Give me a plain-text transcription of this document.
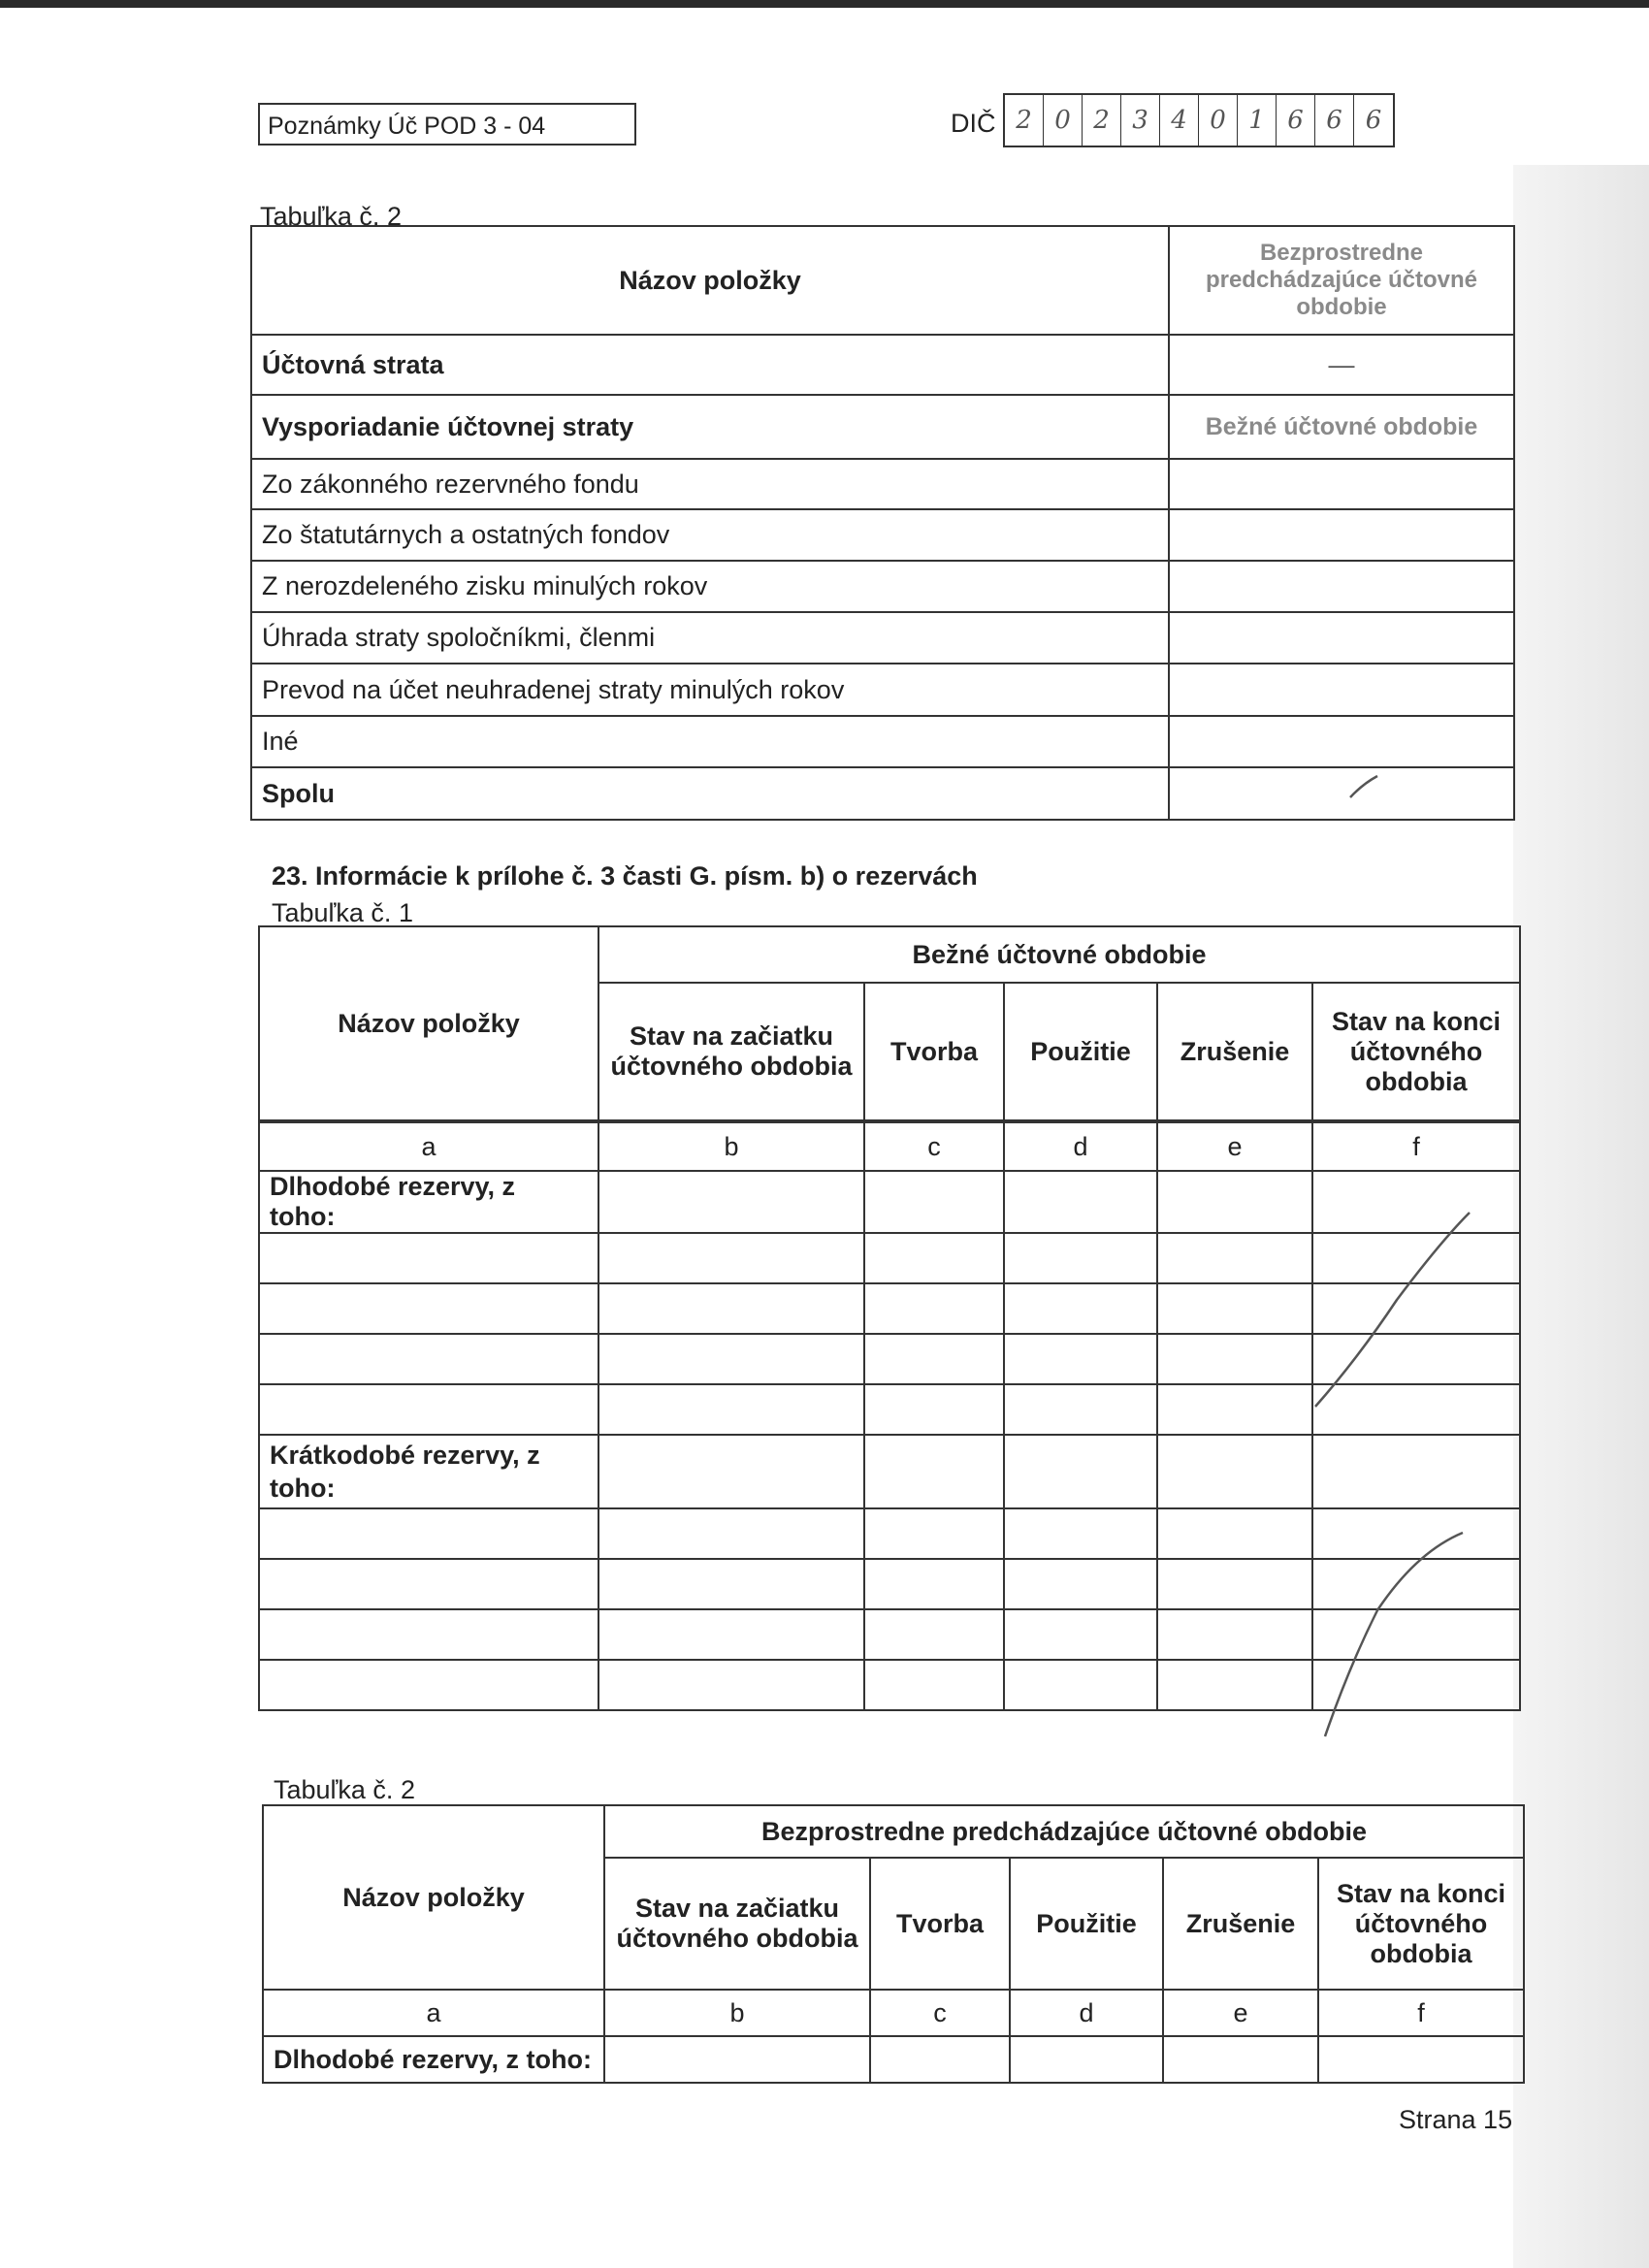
Poznámky Úč POD 3 - 04	DIČ 2 0 2 3 4 0 1 6 6 6
Tabuľka č. 2
Názov položky	Bezprostredne predchádzajúce účtovné obdobie
Účtovná strata	—
Vysporiadanie účtovnej straty	Bežné účtovné obdobie
Zo zákonného rezervného fondu	
Zo štatutárnych a ostatných fondov	
Z nerozdeleného zisku minulých rokov	
Úhrada straty spoločníkmi, členmi	
Prevod na účet neuhradenej straty minulých rokov	
Iné	
Spolu	
23. Informácie k prílohe č. 3 časti G. písm. b) o rezervách
Tabuľka č. 1
Názov položky	Bežné účtovné obdobie				
	Stav na začiatku účtovného obdobia	Tvorba	Použitie	Zrušenie	Stav na konci účtovného obdobia

a	b	c	d	e	f
Dlhodobé rezervy, z toho:					

Krátkodobé rezervy, z toho:					

Tabuľka č. 2
Názov položky	Bezprostredne predchádzajúce účtovné obdobie				
	Stav na začiatku účtovného obdobia	Tvorba	Použitie	Zrušenie	Stav na konci účtovného obdobia
a	b	c	d	e	f
Dlhodobé rezervy, z toho:					
Strana 15
